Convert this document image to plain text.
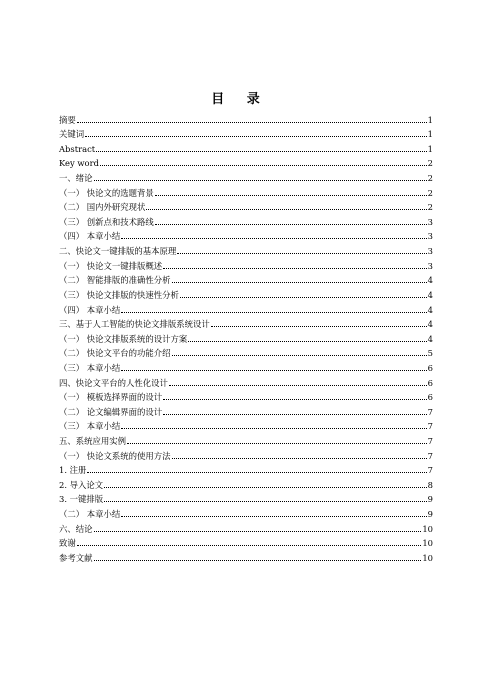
目 录
摘要	1
关键词	1
Abstract	1
Key word	2
一、绪论	2
（一） 快论文的选题背景	2
（二） 国内外研究现状	2
（三） 创新点和技术路线	3
（四） 本章小结	3
二、快论文一键排版的基本原理	3
（一） 快论文一键排版概述	3
（二） 智能排版的准确性分析	4
（三） 快论文排版的快速性分析	4
（四） 本章小结	4
三、基于人工智能的快论文排版系统设计	4
（一） 快论文排版系统的设计方案	4
（二） 快论文平台的功能介绍	5
（三） 本章小结	6
四、快论文平台的人性化设计	6
（一） 模板选择界面的设计	6
（二） 论文编辑界面的设计	7
（三） 本章小结	7
五、系统应用实例	7
（一） 快论文系统的使用方法	7
1. 注册	7
2. 导入论文	8
3. 一键排版	9
（二） 本章小结	9
六、结论	10
致谢	10
参考文献	10
